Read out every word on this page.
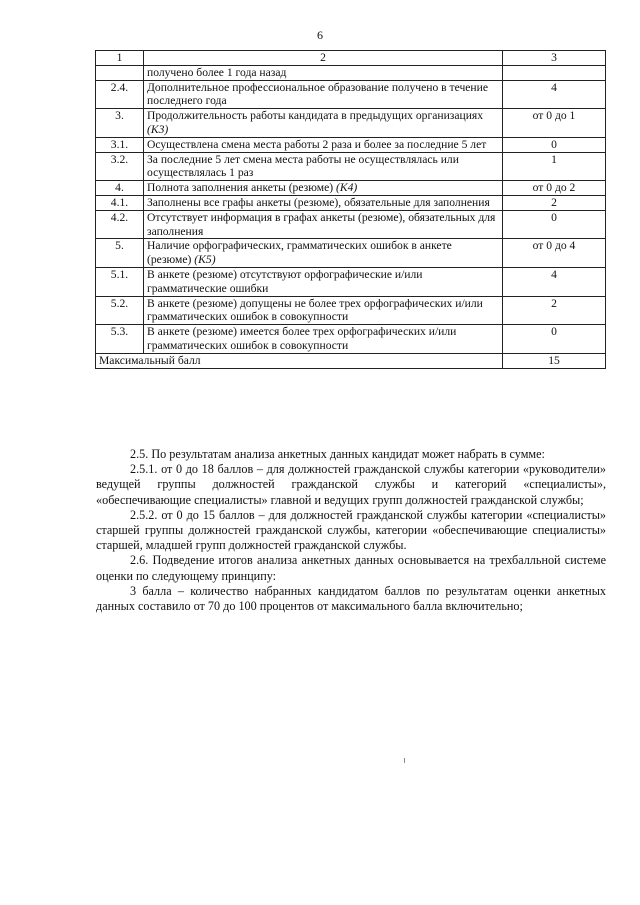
6
1	2	3
	получено более 1 года назад	
2.4.	Дополнительное профессиональное образование получено в течение последнего года	4
3.	Продолжительность работы кандидата в предыдущих организациях (K3)	от 0 до 1
3.1.	Осуществлена смена места работы 2 раза и более за последние 5 лет	0
3.2.	За последние 5 лет смена места работы не осуществлялась или осуществлялась 1 раз	1
4.	Полнота заполнения анкеты (резюме) (K4)	от 0 до 2
4.1.	Заполнены все графы анкеты (резюме), обязательные для заполнения	2
4.2.	Отсутствует информация в графах анкеты (резюме), обязательных для заполнения	0
5.	Наличие орфографических, грамматических ошибок в анкете (резюме) (K5)	от 0 до 4
5.1.	В анкете (резюме) отсутствуют орфографические и/или грамматические ошибки	4
5.2.	В анкете (резюме) допущены не более трех орфографических и/или грамматических ошибок в совокупности	2
5.3.	В анкете (резюме) имеется более трех орфографических и/или грамматических ошибок в совокупности	0
Максимальный балл		15

2.5. По результатам анализа анкетных данных кандидат может набрать в сумме:

2.5.1. от 0 до 18 баллов – для должностей гражданской службы категории «руководители» ведущей группы должностей гражданской службы и категорий «специалисты», «обеспечивающие специалисты» главной и ведущих групп должностей гражданской службы;

2.5.2. от 0 до 15 баллов – для должностей гражданской службы категории «специалисты» старшей группы должностей гражданской службы, категории «обеспечивающие специалисты» старшей, младшей групп должностей гражданской службы.

2.6. Подведение итогов анализа анкетных данных основывается на трехбалльной системе оценки по следующему принципу:

3 балла – количество набранных кандидатом баллов по результатам оценки анкетных данных составило от 70 до 100 процентов от максимального балла включительно;
